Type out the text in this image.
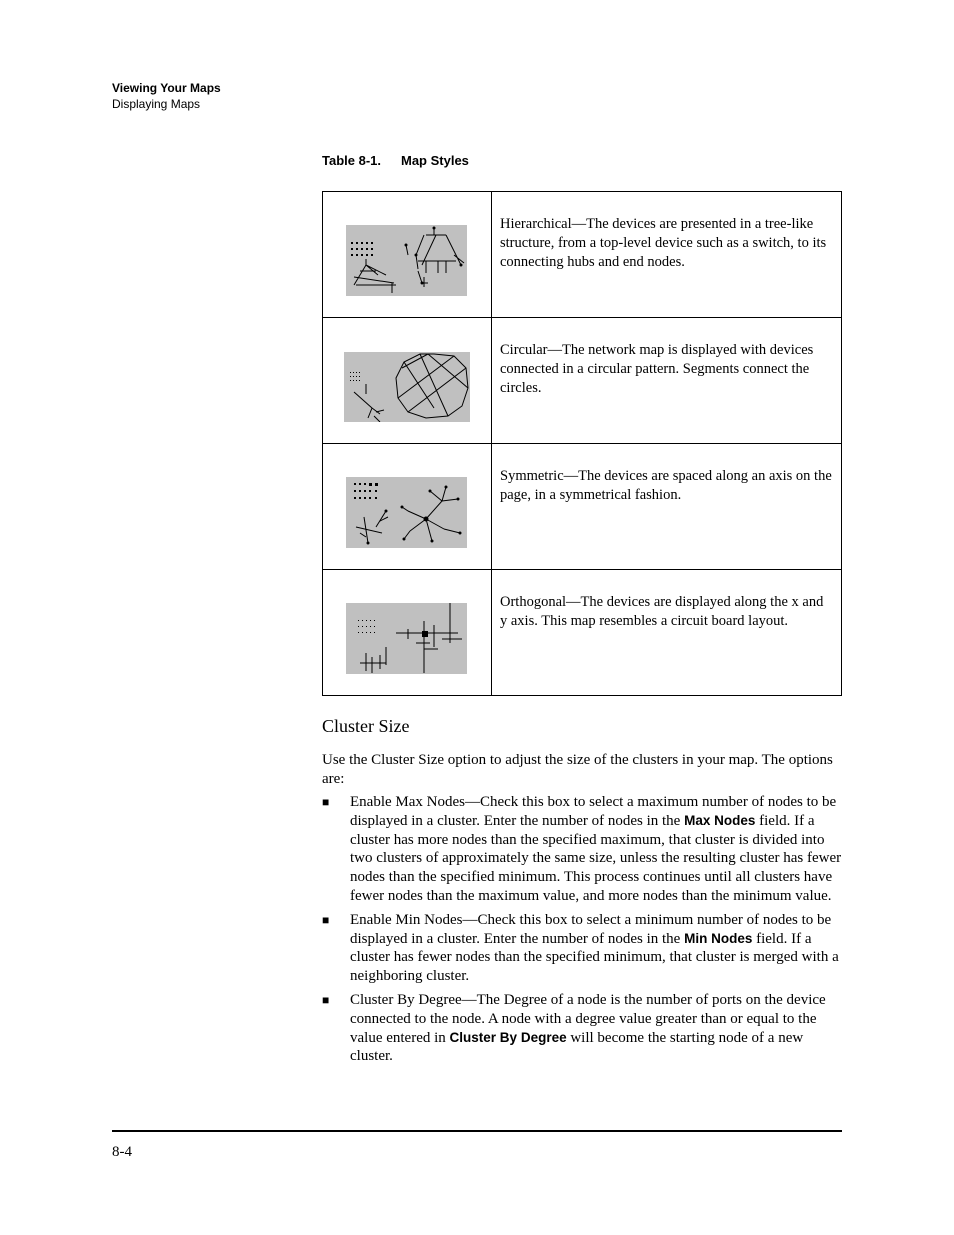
Viewing Your Maps
Displaying Maps
Table 8-1. Map Styles
	Hierarchical—The devices are presented in a tree-like structure, from a top-level device such as a switch, to its connecting hubs and end nodes.

	Circular—The network map is displayed with devices connected in a circular pattern. Segments connect the circles.

	Symmetric—The devices are spaced along an axis on the page, in a symmetrical fashion.

	Orthogonal—The devices are displayed along the x and y axis. This map resembles a circuit board layout.
Cluster Size
Use the Cluster Size option to adjust the size of the clusters in your map. The options are:
■ Enable Max Nodes—Check this box to select a maximum number of nodes to be displayed in a cluster. Enter the number of nodes in the Max Nodes field. If a cluster has more nodes than the specified maximum, that cluster is divided into two clusters of approximately the same size, unless the resulting cluster has fewer nodes than the specified minimum. This process continues until all clusters have fewer nodes than the maximum value, and more nodes than the minimum value.
■ Enable Min Nodes—Check this box to select a minimum number of nodes to be displayed in a cluster. Enter the number of nodes in the Min Nodes field. If a cluster has fewer nodes than the specified minimum, that cluster is merged with a neighboring cluster.
■ Cluster By Degree—The Degree of a node is the number of ports on the device connected to the node. A node with a degree value greater than or equal to the value entered in Cluster By Degree will become the starting node of a new cluster.
8-4
